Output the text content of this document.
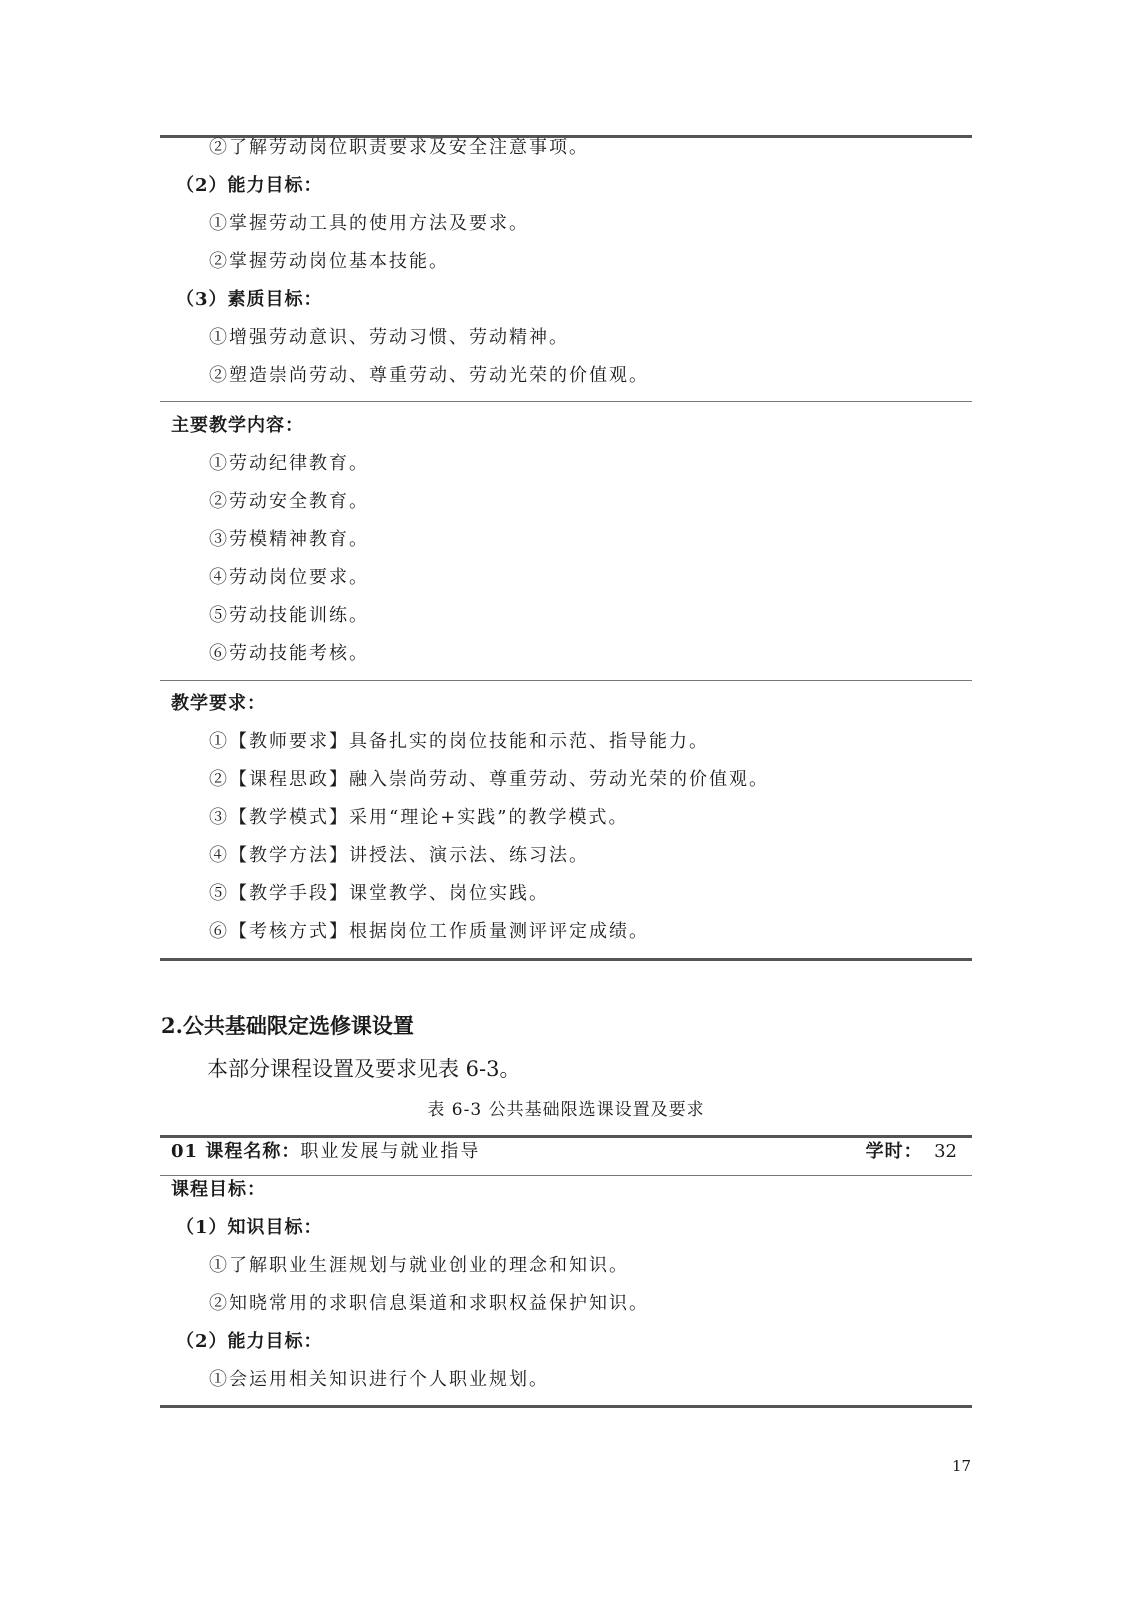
②了解劳动岗位职责要求及安全注意事项。
（2）能力目标：
①掌握劳动工具的使用方法及要求。
②掌握劳动岗位基本技能。
（3）素质目标：
①增强劳动意识、劳动习惯、劳动精神。
②塑造崇尚劳动、尊重劳动、劳动光荣的价值观。
主要教学内容：
①劳动纪律教育。
②劳动安全教育。
③劳模精神教育。
④劳动岗位要求。
⑤劳动技能训练。
⑥劳动技能考核。
教学要求：
①【教师要求】具备扎实的岗位技能和示范、指导能力。
②【课程思政】融入崇尚劳动、尊重劳动、劳动光荣的价值观。
③【教学模式】采用“理论+实践”的教学模式。
④【教学方法】讲授法、演示法、练习法。
⑤【教学手段】课堂教学、岗位实践。
⑥【考核方式】根据岗位工作质量测评评定成绩。
2.公共基础限定选修课设置
本部分课程设置及要求见表 6-3。
表 6-3 公共基础限选课设置及要求
01 课程名称：职业发展与就业指导	学时： 32
课程目标：
（1）知识目标：
①了解职业生涯规划与就业创业的理念和知识。
②知晓常用的求职信息渠道和求职权益保护知识。
（2）能力目标：
①会运用相关知识进行个人职业规划。
17
